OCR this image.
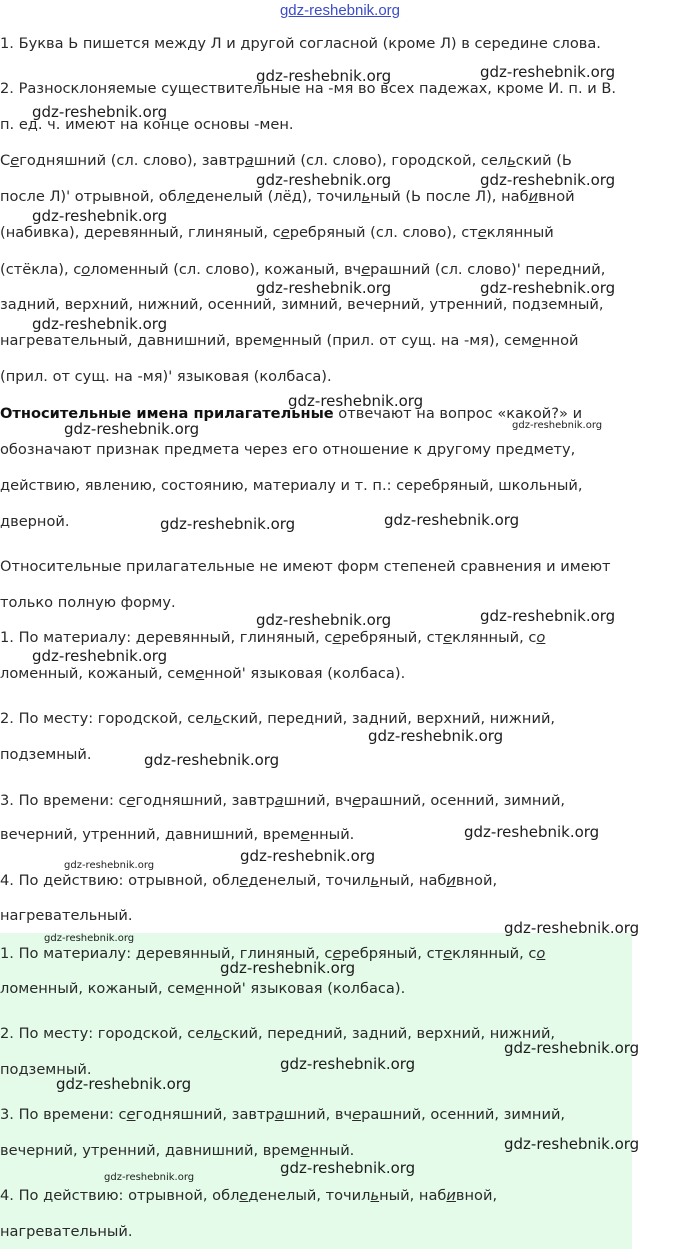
gdz-reshebnik.org

1. Буква Ь пишется между Л и другой согласной (кроме Л) в середине слова.

2. Разносклоняемые существительные на -мя во всех падежах, кроме И. п. и В.

п. ед. ч. имеют на конце основы -мен.

Сегодняшний (сл. слово), завтрашний (сл. слово), городской, сельский (Ь

после Л)' отрывной, обледенелый (лёд), точильный (Ь после Л), набивной

(набивка), деревянный, глиняный, серебряный (сл. слово), стеклянный

(стёкла), соломенный (сл. слово), кожаный, вчерашний (сл. слово)' передний,

задний, верхний, нижний, осенний, зимний, вечерний, утренний, подземный,

нагревательный, давнишний, временный (прил. от сущ. на -мя), семенной

(прил. от сущ. на -мя)' языковая (колбаса).

Относительные имена прилагательные отвечают на вопрос «какой?» и

обозначают признак предмета через его отношение к другому предмету,

действию, явлению, состоянию, материалу и т. п.: серебряный, школьный,

дверной.

Относительные прилагательные не имеют форм степеней сравнения и имеют

только полную форму.

1. По материалу: деревянный, глиняный, серебряный, стеклянный, со

ломенный, кожаный, семенной' языковая (колбаса).

2. По месту: городской, сельский, передний, задний, верхний, нижний,

подземный.

3. По времени: сегодняшний, завтрашний, вчерашний, осенний, зимний,

вечерний, утренний, давнишний, временный.

4. По действию: отрывной, обледенелый, точильный, набивной,

нагревательный.

1. По материалу: деревянный, глиняный, серебряный, стеклянный, со

ломенный, кожаный, семенной' языковая (колбаса).

2. По месту: городской, сельский, передний, задний, верхний, нижний,

подземный.

3. По времени: сегодняшний, завтрашний, вчерашний, осенний, зимний,

вечерний, утренний, давнишний, временный.

4. По действию: отрывной, обледенелый, точильный, набивной,

нагревательный.

gdz-reshebnik.org	gdz-reshebnik.org
gdz-reshebnik.org
gdz-reshebnik.org	gdz-reshebnik.org
gdz-reshebnik.org
gdz-reshebnik.org	gdz-reshebnik.org
gdz-reshebnik.org
gdz-reshebnik.org
gdz-reshebnik.org	gdz-reshebnik.org
gdz-reshebnik.org	gdz-reshebnik.org
gdz-reshebnik.org	gdz-reshebnik.org
gdz-reshebnik.org
gdz-reshebnik.org
gdz-reshebnik.org
gdz-reshebnik.org
gdz-reshebnik.org
gdz-reshebnik.org
gdz-reshebnik.org
gdz-reshebnik.org
gdz-reshebnik.org
gdz-reshebnik.org
gdz-reshebnik.org
gdz-reshebnik.org
gdz-reshebnik.org
gdz-reshebnik.org
gdz-reshebnik.org
